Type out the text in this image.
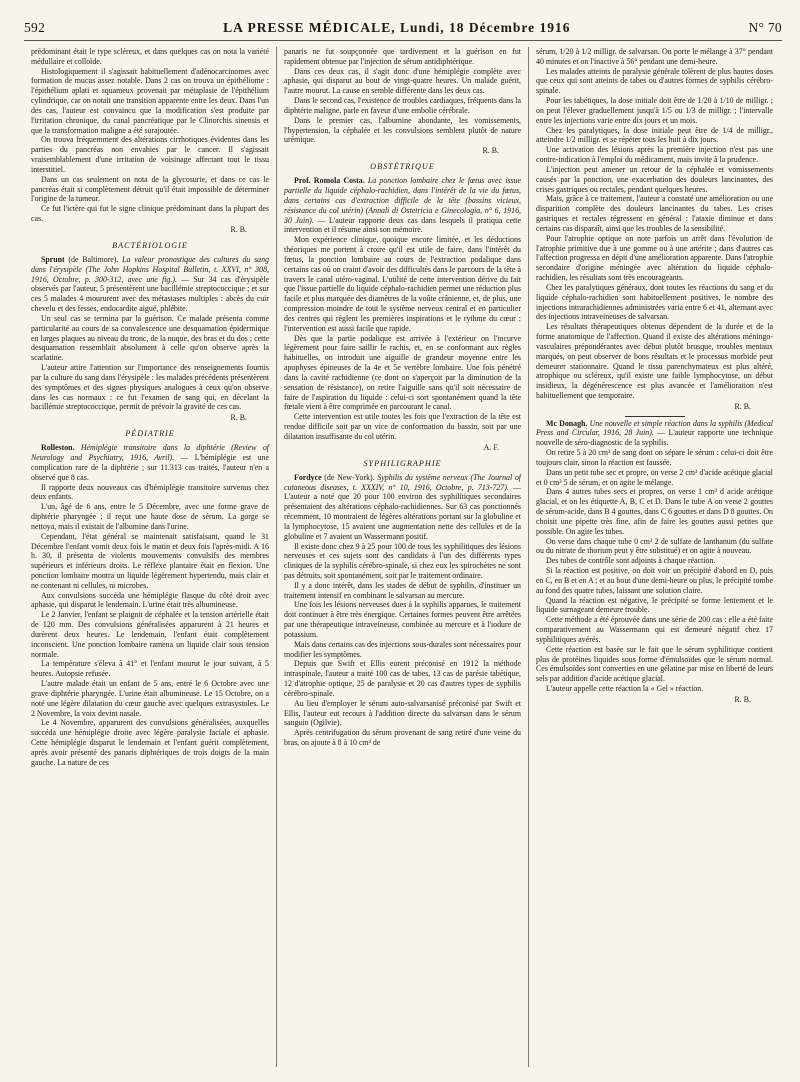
592	LA PRESSE MÉDICALE, Lundi, 18 Décembre 1916	N° 70

prédominant était le type scléreux, et dans quelques cas on nota la variété médullaire et colloïde.

Histologiquement il s'agissait habituellement d'adénocarcinomes avec formation de mucus assez notable. Dans 2 cas on trouva un épithéliome : l'épithélium aplati et squameux provenait par métaplasie de l'épithélium cylindrique, car on notait une transition apparente entre les deux. Dans l'un des cas, l'auteur est convaincu que la modification s'est produite par l'irritation chronique, du canal pancréatique par le Clinorchis sinensis et que la transformation maligne a été surajoutée.

On trouva fréquemment des altérations cirrhotiques évidentes dans les parties du pancréas non envahies par le cancer. Il s'agissait vraisemblablement d'une irritation de voisinage affectant tout le tissu interstitiel.

Dans un cas seulement on nota de la glycosurie, et dans ce cas le pancréas était si complètement détruit qu'il était impossible de déterminer l'origine de la tumeur.

Ce fut l'ictère qui fut le signe clinique prédominant dans la plupart des cas.

R. B.
BACTÉRIOLOGIE

Sprunt (de Baltimore). La valeur pronostique des cultures du sang dans l'érysipèle (The John Hopkins Hospital Bulletin, t. XXVI, n° 308, 1916, Octobre, p. 300-312, avec une fig.). — Sur 34 cas d'érysipèle observés par l'auteur, 5 présentèrent une bacillémie streptococcique ; et sur ces 5 malades 4 moururent avec des métastases multiples : abcès du cuir chevelu et des fesses, endocardite aiguë, phlébite.

Un seul cas se termina par la guérison. Ce malade présenta comme particularité au cours de sa convalescence une desquamation épidermique en larges plaques au niveau du tronc, de la nuque, des bras et du dos ; cette desquamation ressemblait absolument à celle qu'on observe après la scarlatine.

L'auteur attire l'attention sur l'importance des renseignements fournis par la culture du sang dans l'érysipèle : les malades précédents présentèrent des symptômes et des signes physiques analogues à ceux qu'on observe dans les cas normaux : ce fut l'examen de sang qui, en décelant la bacillémie streptococcique, permit de prévoir la gravité de ces cas.

R. B.
PÉDIATRIE

Rolleston. Hémiplégie transitoire dans la diphtérie (Review of Neurology and Psychiatry, 1916, Avril). — L'hémiplégie est une complication rare de la diphtérie ; sur 11.313 cas traités, l'auteur n'en a observé que 8 cas.

Il rapporte deux nouveaux cas d'hémiplégie transitoire survenus chez deux enfants.

L'un, âgé de 6 ans, entre le 5 Décembre, avec une forme grave de diphtérie pharyngée ; il reçut une haute dose de sérum. La gorge se nettoya, mais il existait de l'albumine dans l'urine.

Cependant, l'état général se maintenait satisfaisant, quand le 31 Décembre l'enfant vomit deux fois le matin et deux fois l'après-midi. A 16 h. 30, il présenta de violents mouvements convulsifs des membres supérieurs et inférieurs droits. Le réflexe plantaire était en flexion. Une ponction lombaire montra un liquide légèrement hypertendu, mais clair et ne contenant ni cellules, ni microbes.

Aux convulsions succéda une hémiplégie flasque du côté droit avec aphasie, qui disparut le lendemain. L'urine était très albumineuse.

Le 2 Janvier, l'enfant se plaignit de céphalée et la tension artérielle était de 120 mm. Des convulsions généralisées apparurent à 21 heures et durèrent deux heures. Le lendemain, l'enfant était complètement inconscient. Une ponction lombaire ramena un liquide clair sous tension normale.

La température s'éleva à 41° et l'enfant mourut le jour suivant, à 5 heures. Autopsie refusée.

L'autre malade était un enfant de 5 ans, entré le 6 Octobre avec une grave diphtérie pharyngée. L'urine était albumineuse. Le 15 Octobre, on a noté une légère dilatation du cœur gauche avec quelques extrasystoles. Le 2 Novembre, la voix devint nasale.

Le 4 Novembre, apparurent des convulsions généralisées, auxquelles succéda une hémiplégie droite avec légère paralysie faciale et aphasie. Cette hémiplégie disparut le lendemain et l'enfant guérit complètement, après avoir présenté des panaris diphtériques de trois doigts de la main gauche. La nature de ces

panaris ne fut soupçonnée que tardivement et la guérison en fut rapidement obtenue par l'injection de sérum antidiphtérique.

Dans ces deux cas, il s'agit donc d'une hémiplégie complète avec aphasie, qui disparut au bout de vingt-quatre heures. Un malade guérit, l'autre mourut. La cause en semble différente dans les deux cas.

Dans le second cas, l'existence de troubles cardiaques, fréquents dans la diphtérie maligne, parle en faveur d'une embolie cérébrale.

Dans le premier cas, l'albumine abondante, les vomissements, l'hypertension, la céphalée et les convulsions semblent plutôt de nature urémique.

R. B.
OBSTÉTRIQUE

Prof. Romola Costa. La ponction lombaire chez le fœtus avec issue partielle du liquide céphalo-rachidien, dans l'intérêt de la vie du fœtus, dans certains cas d'extraction difficile de la tête (bassins vicieux, résistance du col utérin) (Annali di Ostetricia e Ginecologia, n° 6, 1916, 30 Juin). — L'auteur rapporte deux cas dans lesquels il pratiqua cette intervention et il résume ainsi son mémoire.

Mon expérience clinique, quoique encore limitée, et les déductions théoriques me portent à croire qu'il est utile de faire, dans l'intérêt du fœtus, la ponction lombaire au cours de l'extraction podalique dans certains cas où on craint d'avoir des difficultés dans le parcours de la tête à travers le canal utéro-vaginal. L'utilité de cette intervention dérive du fait que l'issue partielle du liquide céphalo-rachidien permet une réduction plus facile et plus marquée des diamètres de la voûte crânienne, et, de plus, une compression moindre de tout le système nerveux central et en particulier des centres qui règlent les premières inspirations et le rythme du cœur : l'intervention est aussi facile que rapide.

Dès que la partie podalique est arrivée à l'extérieur on l'incurve légèrement pour faire saillir le rachis, et, en se conformant aux règles habituelles, on introduit une aiguille de grandeur moyenne entre les apophyses épineuses de la 4e et 5e vertèbre lombaire. Une fois pénétré dans la cavité rachidienne (ce dont on s'aperçoit par la diminution de la sensation de résistance), on retire l'aiguille sans qu'il soit nécessaire de faire de l'aspiration du liquide : celui-ci sort spontanément quand la tête fœtale vient à être comprimée en parcourant le canal.

Cette intervention est utile toutes les fois que l'extraction de la tête est rendue difficile soit par un vice de conformation du bassin, soit par une dilatation insuffisante du col utérin.

A. F.
SYPHILIGRAPHIE

Fordyce (de New-York). Syphilis du système nerveux (The Journal of cutaneous diseases, t. XXXIV, n° 10, 1916, Octobre, p. 713-727). — L'auteur a noté que 20 pour 100 environ des syphilitiques secondaires présentaient des altérations céphalo-rachidiennes. Sur 63 cas ponctionnés récemment, 10 montraient de légères altérations portant sur la globuline et la lymphocytose, 15 avaient une augmentation nette des cellules et de la globuline et 7 avaient un Wassermann positif.

Il existe donc chez 9 à 25 pour 100 de tous les syphilitiques des lésions nerveuses et ces sujets sont des candidats à l'un des différents types cliniques de la syphilis cérébro-spinale, si chez eux les spirochètes ne sont pas détruits, soit spontanément, soit par le traitement ordinaire.

Il y a donc intérêt, dans les stades de début de syphilis, d'instituer un traitement intensif en combinant le salvarsan au mercure.

Une fois les lésions nerveuses dues à la syphilis apparues, le traitement doit continuer à être très énergique. Certaines formes peuvent être arrêtées par une thérapeutique intraveineuse, combinée au mercure et à l'iodure de potassium.

Mais dans certains cas des injections sous-durales sont nécessaires pour modifier les symptômes.

Depuis que Swift et Ellis eurent préconisé en 1912 la méthode intraspinale, l'auteur a traité 100 cas de tabes, 13 cas de parésie tabétique, 12 d'atrophie optique, 25 de paralysie et 20 cas d'autres types de syphilis cérébro-spinale.

Au lieu d'employer le sérum auto-salvarsanisé préconisé par Swift et Ellis, l'auteur eut recours à l'addition directe du salvarsan dans le sérum sanguin (Ogilvie).

Après centrifugation du sérum provenant de sang retiré d'une veine du bras, on ajoute à 8 à 10 cm³ de

sérum, 1/20 à 1/2 milligr. de salvarsan. On porte le mélange à 37° pendant 40 minutes et on l'inactive à 56° pendant une demi-heure.

Les malades atteints de paralysie générale tolèrent de plus hautes doses que ceux qui sont atteints de tabes ou d'autres formes de syphilis cérébro-spinale.

Pour les tabétiques, la dose initiale doit être de 1/20 à 1/10 de milligr. ; on peut l'élever graduellement jusqu'à 1/5 ou 1/3 de milligr. ; l'intervalle entre les injections varie entre dix jours et un mois.

Chez les paralytiques, la dose initiale peut être de 1/4 de milligr., atteindre 1/2 milligr. et se répéter tous les huit à dix jours.

Une activation des lésions après la première injection n'est pas une contre-indication à l'emploi du médicament, mais invite à la prudence.

L'injection peut amener un retour de la céphalée et vomissements causés par la ponction, une exacerbation des douleurs lancinantes, des crises gastriques ou rectales, pendant quelques heures.

Mais, grâce à ce traitement, l'auteur a constaté une amélioration ou une disparition complète des douleurs lancinantes du tabes. Les crises gastriques et rectales régressent en général : l'ataxie diminue et dans certains cas disparaît, ainsi que les troubles de la sensibilité.

Pour l'atrophie optique on note parfois un arrêt dans l'évolution de l'atrophie primitive due à une gomme ou à une artérite ; dans d'autres cas l'affection progressa en dépit d'une amélioration apparente. Dans l'atrophie secondaire d'origine méningée avec altération du liquide céphalo-rachidien, les résultats sont très encourageants.

Chez les paralytiques généraux, dont toutes les réactions du sang et du liquide céphalo-rachidien sont habituellement positives, le nombre des injections intrarachidiennes administrées varia entre 6 et 41, alternant avec des injections intraveineuses de salvarsan.

Les résultats thérapeutiques obtenus dépendent de la durée et de la forme anatomique de l'affection. Quand il existe des altérations méningo-vasculaires prépondérantes avec début plutôt brusque, troubles mentaux marqués, on peut observer de bons résultats et le processus morbide peut demeurer stationnaire. Quand le tissu parenchymateux est plus altéré, atrophique ou scléreux, qu'il existe une faible lymphocytose, un début insidieux, la dégénérescence est plus avancée et l'amélioration n'est habituellement que temporaire.

R. B.

Mc Donagh. Une nouvelle et simple réaction dans la syphilis (Medical Press and Circular, 1916, 28 Juin). — L'auteur rapporte une technique nouvelle de séro-diagnostic de la syphilis.

On retire 5 à 20 cm³ de sang dont on sépare le sérum : celui-ci doit être toujours clair, sinon la réaction est faussée.

Dans un petit tube sec et propre, on verse 2 cm³ d'acide acétique glacial et 0 cm³ 5 de sérum, et on agite le mélange.

Dans 4 autres tubes secs et propres, on verse 1 cm³ d acide acétique glacial, et on les étiquette A, B, C et D. Dans le tube A on verse 2 gouttes de sérum-acide, dans B 4 gouttes, dans C 6 gouttes et dans D 8 gouttes. On choisit une pipette très fine, afin de faire les gouttes aussi petites que possible. On agite les tubes.

On verse dans chaque tube 0 cm³ 2 de sulfate de lanthanum (du sulfate ou du nitrate de thorium peut y être substitué) et on agite à nouveau.

Des tubes de contrôle sont adjoints à chaque réaction.

Si la réaction est positive, on doit voir un précipité d'abord en D, puis en C, en B et en A ; et au bout d'une demi-heure ou plus, le précipité tombe au fond des quatre tubes, laissant une solution claire.

Quand la réaction est négative, le précipité se forme lentement et le liquide surnageant demeure trouble.

Cette méthode a été éprouvée dans une série de 200 cas : elle a été faite comparativement au Wassermann qui est demeuré négatif chez 17 syphilitiques avérés.

Cette réaction est basée sur le fait que le sérum syphilitique contient plus de protéines liquides sous forme d'émulsoïdes que le sérum normal. Ces émulsoïdes sont converties en une gélatine par mise en liberté de leurs sels par addition d'acide acétique glacial.

L'auteur appelle cette réaction la « Gel » réaction.

R. B.
